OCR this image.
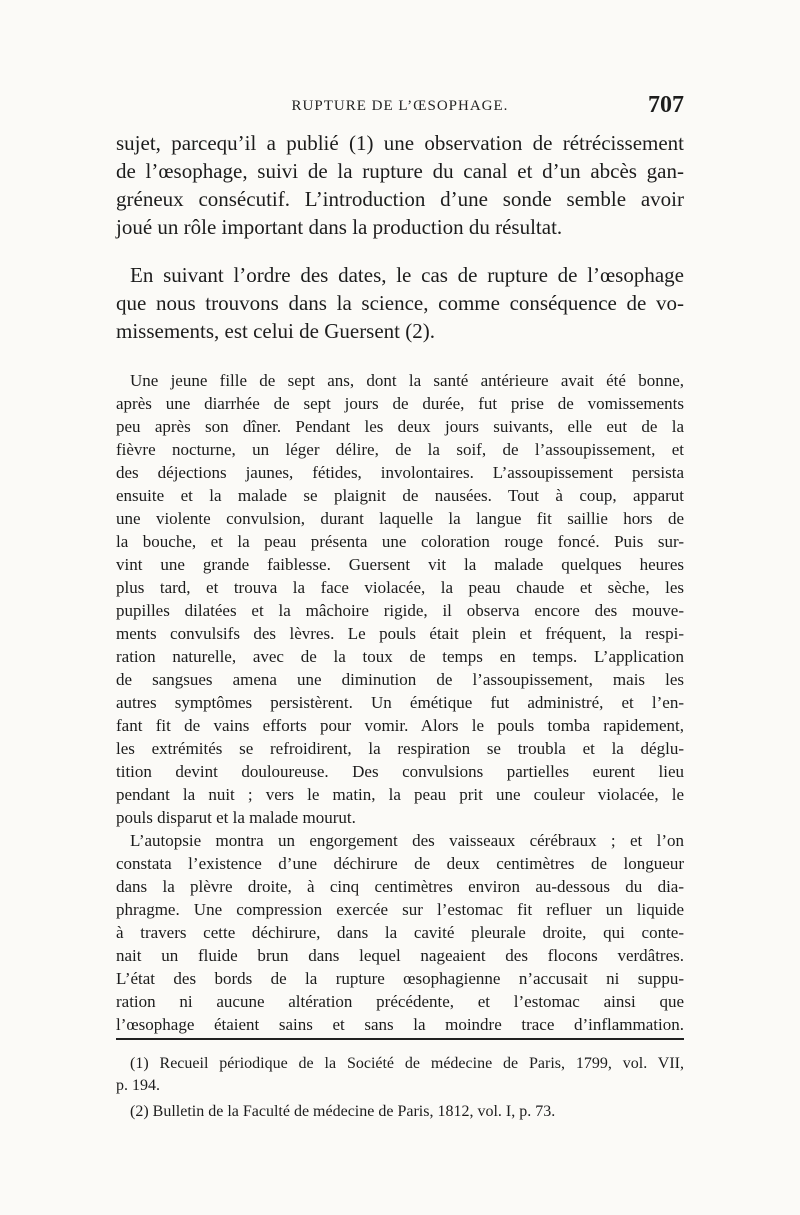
RUPTURE DE L’ŒSOPHAGE.	707
sujet, parcequ’il a publié (1) une observation de rétrécissement
de l’œsophage, suivi de la rupture du canal et d’un abcès gan-
gréneux consécutif. L’introduction d’une sonde semble avoir
joué un rôle important dans la production du résultat.
En suivant l’ordre des dates, le cas de rupture de l’œsophage
que nous trouvons dans la science, comme conséquence de vo-
missements, est celui de Guersent (2).
Une jeune fille de sept ans, dont la santé antérieure avait été bonne,
après une diarrhée de sept jours de durée, fut prise de vomissements
peu après son dîner. Pendant les deux jours suivants, elle eut de la
fièvre nocturne, un léger délire, de la soif, de l’assoupissement, et
des déjections jaunes, fétides, involontaires. L’assoupissement persista
ensuite et la malade se plaignit de nausées. Tout à coup, apparut
une violente convulsion, durant laquelle la langue fit saillie hors de
la bouche, et la peau présenta une coloration rouge foncé. Puis sur-
vint une grande faiblesse. Guersent vit la malade quelques heures
plus tard, et trouva la face violacée, la peau chaude et sèche, les
pupilles dilatées et la mâchoire rigide, il observa encore des mouve-
ments convulsifs des lèvres. Le pouls était plein et fréquent, la respi-
ration naturelle, avec de la toux de temps en temps. L’application
de sangsues amena une diminution de l’assoupissement, mais les
autres symptômes persistèrent. Un émétique fut administré, et l’en-
fant fit de vains efforts pour vomir. Alors le pouls tomba rapidement,
les extrémités se refroidirent, la respiration se troubla et la déglu-
tition devint douloureuse. Des convulsions partielles eurent lieu
pendant la nuit ; vers le matin, la peau prit une couleur violacée, le
pouls disparut et la malade mourut.
L’autopsie montra un engorgement des vaisseaux cérébraux ; et l’on
constata l’existence d’une déchirure de deux centimètres de longueur
dans la plèvre droite, à cinq centimètres environ au-dessous du dia-
phragme. Une compression exercée sur l’estomac fit refluer un liquide
à travers cette déchirure, dans la cavité pleurale droite, qui conte-
nait un fluide brun dans lequel nageaient des flocons verdâtres.
L’état des bords de la rupture œsophagienne n’accusait ni suppu-
ration ni aucune altération précédente, et l’estomac ainsi que
l’œsophage étaient sains et sans la moindre trace d’inflammation.
(1) Recueil périodique de la Société de médecine de Paris, 1799, vol. VII,
p. 194.
(2) Bulletin de la Faculté de médecine de Paris, 1812, vol. I, p. 73.
